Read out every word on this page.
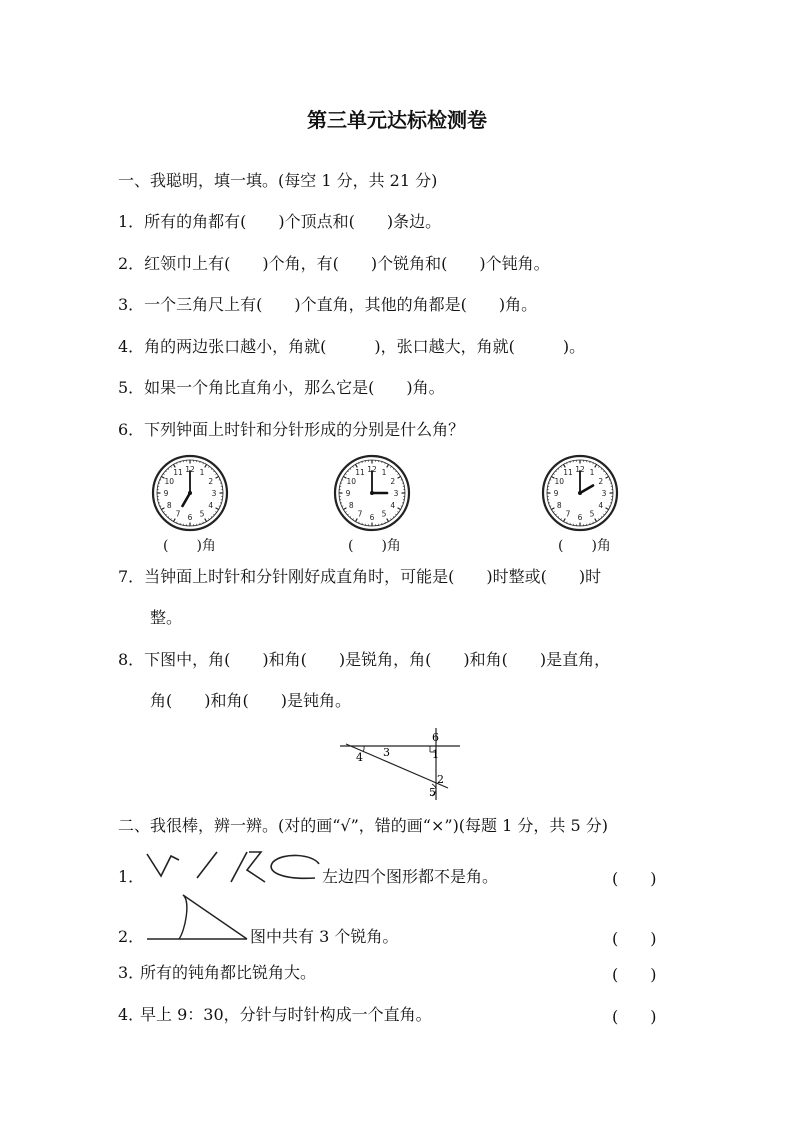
第三单元达标检测卷
一、我聪明，填一填。(每空 1 分，共 21 分)
1．所有的角都有(　　)个顶点和(　　)条边。
2．红领巾上有(　　)个角，有(　　)个锐角和(　　)个钝角。
3．一个三角尺上有(　　)个直角，其他的角都是(　　)角。
4．角的两边张口越小，角就(　　　)，张口越大，角就(　　　)。
5．如果一个角比直角小，那么它是(　　)角。
6．下列钟面上时针和分针形成的分别是什么角？
12 1
2
3
4
5
6
7
8
9
10
11	12 1
2
3
4
5
6
7
8
9
10
11	12 1
2
3
4
5
6
7
8
9
10
11
(　　)角	(　　)角	(　　)角
7．当钟面上时针和分针刚好成直角时，可能是(　　)时整或(　　)时
整。
8．下图中，角(　　)和角(　　)是锐角，角(　　)和角(　　)是直角，
角(　　)和角(　　)是钝角。
6
1
3
4
2
5
二、我很棒，辨一辨。(对的画“√”，错的画“×”)(每题 1 分，共 5 分)
1．	左边四个图形都不是角。	(　　)
2．	图中共有 3 个锐角。	(　　)
3．
所有的钝角都比锐角大。	(　　)
4．
早上 9：30，分针与时针构成一个直角。	(　　)
